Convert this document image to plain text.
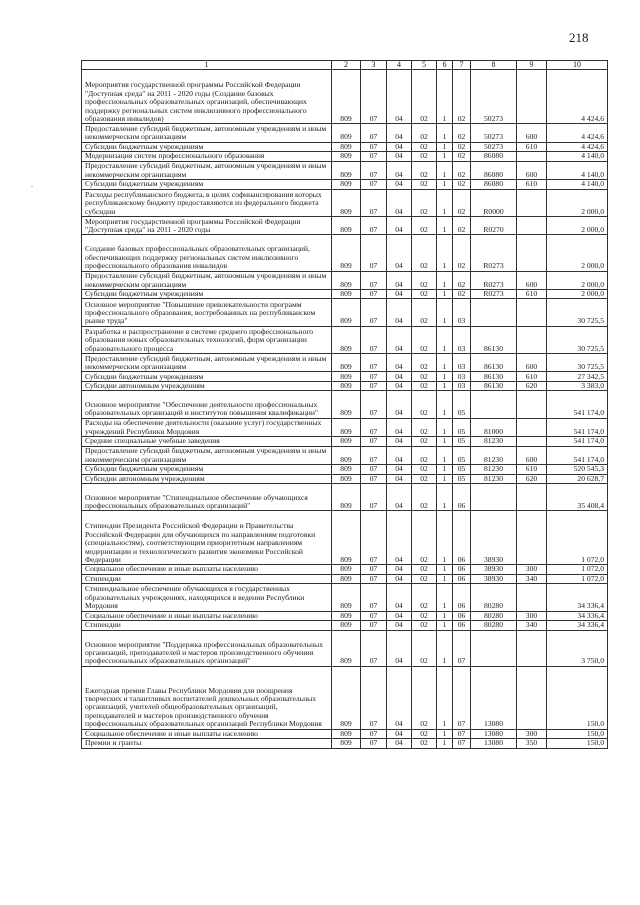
218
.
1	2	3	4	5	6	7	8	9	10
Мероприятия государственной программы Российской Федерации "Доступная среда" на 2011 - 2020 годы (Создание базовых профессиональных образовательных организаций, обеспечивающих поддержку региональных систем инклюзивного профессионального образования инвалидов)	809	07	04	02	1	02	50273		4 424,6
Предоставление субсидий бюджетным, автономным учреждениям и иным некоммерческим организациям	809	07	04	02	1	02	50273	600	4 424,6
Субсидии бюджетным учреждениям	809	07	04	02	1	02	50273	610	4 424,6
Модернизация систем профессионального образования	809	07	04	02	1	02	86080		4 140,0
Предоставление субсидий бюджетным, автономным учреждениям и иным некоммерческим организациям	809	07	04	02	1	02	86080	600	4 140,0
Субсидии бюджетным учреждениям	809	07	04	02	1	02	86080	610	4 140,0
Расходы республиканского бюджета, в целях софинансирования которых республиканскому бюджету предоставляются из федерального бюджета субсидии	809	07	04	02	1	02	R0000		2 000,0
Мероприятия государственной программы Российской Федерации "Доступная среда" на 2011 - 2020 годы	809	07	04	02	1	02	R0270		2 000,0
Создание базовых профессиональных образовательных организаций, обеспечивающих поддержку региональных систем инклюзивного профессионального образования инвалидов	809	07	04	02	1	02	R0273		2 000,0
Предоставление субсидий бюджетным, автономным учреждениям и иным некоммерческим организациям	809	07	04	02	1	02	R0273	600	2 000,0
Субсидии бюджетным учреждениям	809	07	04	02	1	02	R0273	610	2 000,0
Основное мероприятие "Повышение привлекательности программ профессионального образования, востребованных на республиканском рынке труда"	809	07	04	02	1	03			30 725,5
Разработка и распространение в системе среднего профессионального образования новых образовательных технологий, форм организации образовательного процесса	809	07	04	02	1	03	86130		30 725,5
Предоставление субсидий бюджетным, автономным учреждениям и иным некоммерческим организациям	809	07	04	02	1	03	86130	600	30 725,5
Субсидии бюджетным учреждениям	809	07	04	02	1	03	86130	610	27 342,5
Субсидии автономным учреждениям	809	07	04	02	1	03	86130	620	3 383,0
Основное мероприятие "Обеспечение деятельности профессиональных образовательных организаций и институтов повышения квалификации"	809	07	04	02	1	05			541 174,0
Расходы на обеспечение деятельности (оказание услуг) государственных учреждений Республики Мордовия	809	07	04	02	1	05	81000		541 174,0
Средние специальные учебные заведения	809	07	04	02	1	05	81230		541 174,0
Предоставление субсидий бюджетным, автономным учреждениям и иным некоммерческим организациям	809	07	04	02	1	05	81230	600	541 174,0
Субсидии бюджетным учреждениям	809	07	04	02	1	05	81230	610	520 545,3
Субсидии автономным учреждениям	809	07	04	02	1	05	81230	620	20 628,7
Основное мероприятие "Стипендиальное обеспечение обучающихся профессиональных образовательных организаций"	809	07	04	02	1	06			35 408,4
Стипендии Президента Российской Федерации и Правительства Российской Федерации для обучающихся по направлениям подготовки (специальностям), соответствующим приоритетным направлениям модернизации и технологического развития экономики Российской Федерации	809	07	04	02	1	06	38930		1 072,0
Социальное обеспечение и иные выплаты населению	809	07	04	02	1	06	38930	300	1 072,0
Стипендии	809	07	04	02	1	06	38930	340	1 072,0
Стипендиальное обеспечение обучающихся в государственных образовательных учреждениях, находящихся в ведении Республики Мордовия	809	07	04	02	1	06	80280		34 336,4
Социальное обеспечение и иные выплаты населению	809	07	04	02	1	06	80280	300	34 336,4
Стипендии	809	07	04	02	1	06	80280	340	34 336,4
Основное мероприятие "Поддержка профессиональных образовательных организаций, преподавателей и мастеров производственного обучения профессиональных образовательных организаций"	809	07	04	02	1	07			3 750,0
Ежегодная премия Главы Республики Мордовия для поощрения творческих и талантливых воспитателей дошкольных образовательных организаций, учителей общеобразовательных организаций, преподавателей и мастеров производственного обучения профессиональных образовательных организаций Республики Мордовия	809	07	04	02	1	07	13080		150,0
Социальное обеспечение и иные выплаты населению	809	07	04	02	1	07	13080	300	150,0
Премии и гранты	809	07	04	02	1	07	13080	350	150,0
